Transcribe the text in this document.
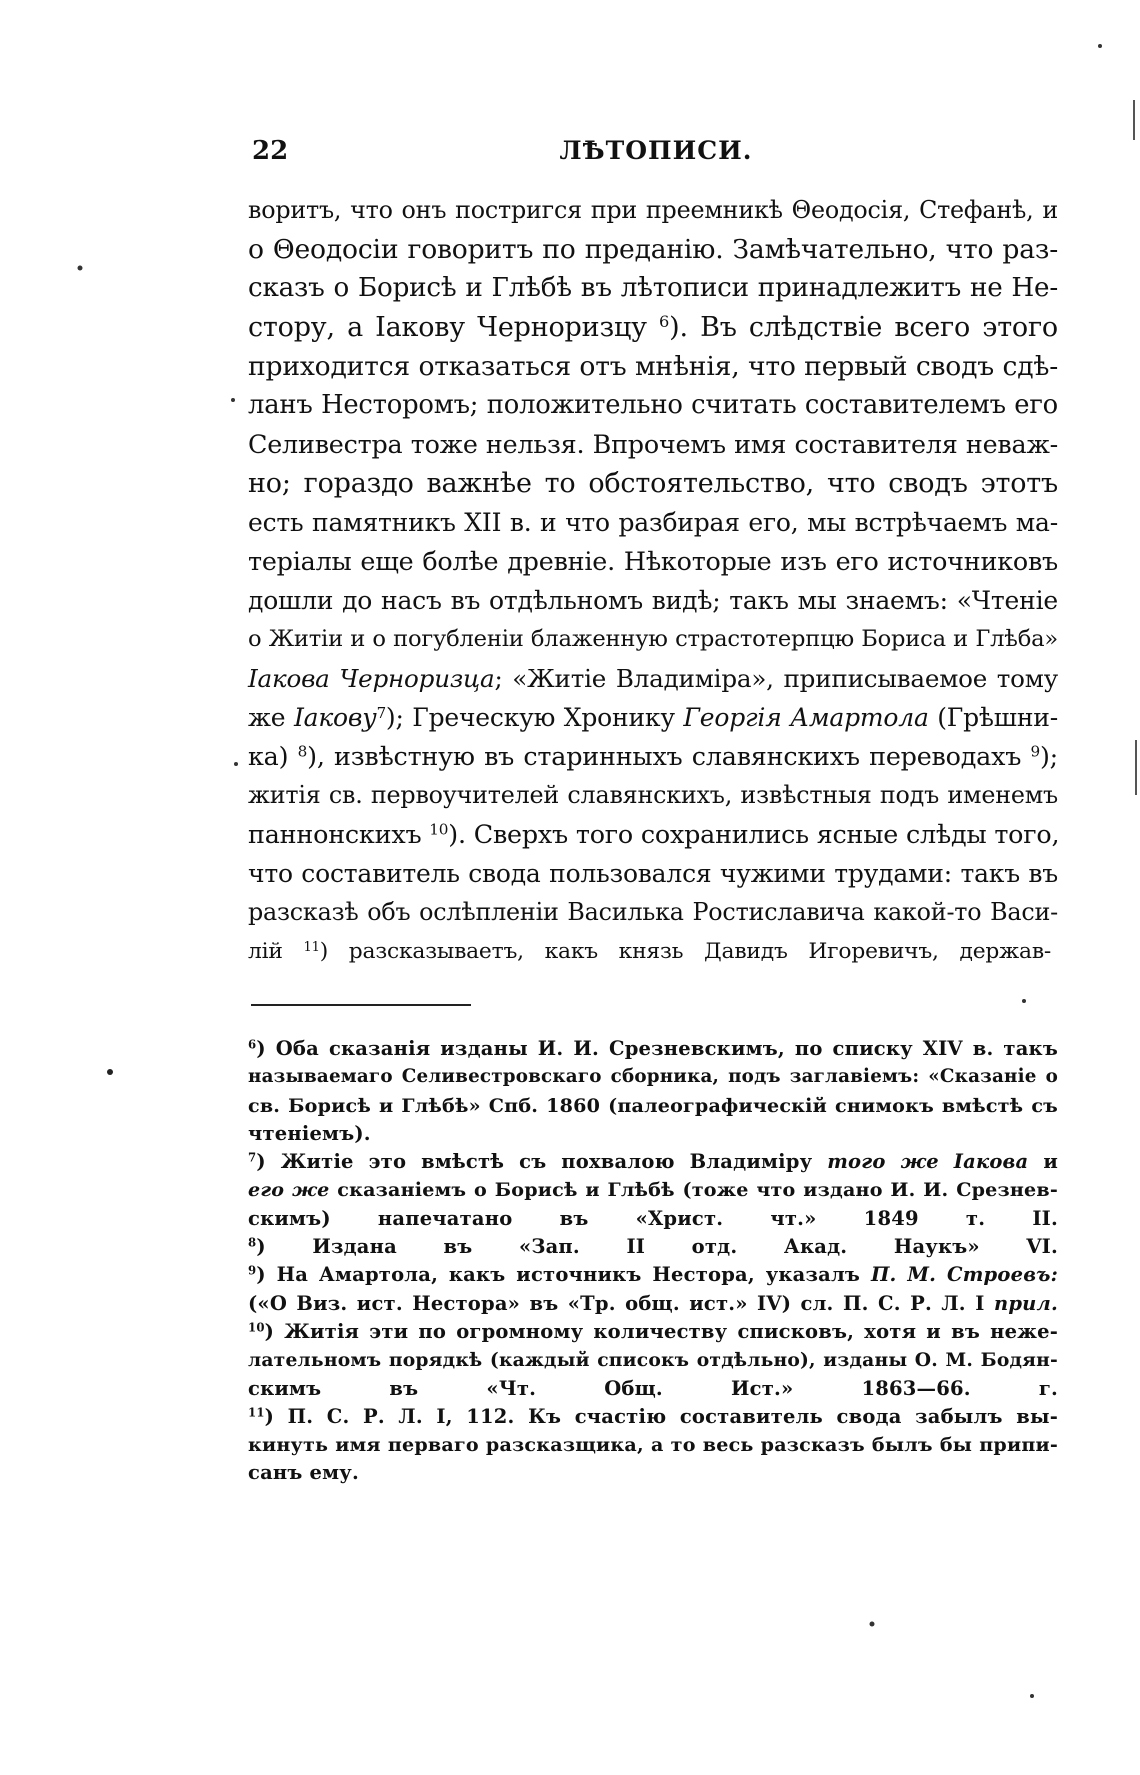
22	ЛѢТОПИСИ.
воритъ, что онъ постригся при преемникѣ Θеодосія, Стефанѣ, и
о Θеодосіи говоритъ по преданію. Замѣчательно, что раз-
сказъ о Борисѣ и Глѣбѣ въ лѣтописи принадлежитъ не Не-
стору, а Іакову Черноризцу $^6$). Въ слѣдствіе всего этого
приходится отказаться отъ мнѣнія, что первый сводъ сдѣ-
ланъ Несторомъ; положительно считать составителемъ его
Селивестра тоже нельзя. Впрочемъ имя составителя неваж-
но; гораздо важнѣе то обстоятельство, что сводъ этотъ
есть памятникъ XII в. и что разбирая его, мы встрѣчаемъ ма-
теріалы еще болѣе древніе. Нѣкоторые изъ его источниковъ
дошли до насъ въ отдѣльномъ видѣ; такъ мы знаемъ: «Чтеніе
о Житіи и о погубленіи блаженную страстотерпцю Бориса и Глѣба»
Іакова Черноризца; «Житіе Владиміра», приписываемое тому
же Іакову$^7$); Греческую Хронику Георгія Амартола (Грѣшни-
ка) $^8$), извѣстную въ старинныхъ славянскихъ переводахъ $^9$);
житія св. первоучителей славянскихъ, извѣстныя подъ именемъ
паннонскихъ $^{10}$). Сверхъ того сохранились ясные слѣды того,
что составитель свода пользовался чужими трудами: такъ въ
разсказѣ объ ослѣпленіи Василька Ростиславича какой-то Васи-
лій $^{11}$) разсказываетъ, какъ князь Давидъ Игоревичъ, держав-
$^6$) Оба сказанія изданы И. И. Срезневскимъ, по списку XIV в. такъ
называемаго Селивестровскаго сборника, подъ заглавіемъ: «Сказаніе о
св. Борисѣ и Глѣбѣ» Спб. 1860 (палеографическій снимокъ вмѣстѣ съ
чтеніемъ).
$^7$) Житіе это вмѣстѣ съ похвалою Владиміру того же Іакова и
его же сказаніемъ о Борисѣ и Глѣбѣ (тоже что издано И. И. Срезнев-
скимъ) напечатано въ «Христ. чт.» 1849 т. II.
$^8$) Издана въ «Зап. II отд. Акад. Наукъ» VI.
$^9$) На Амартола, какъ источникъ Нестора, указалъ П. М. Строевъ:
(«О Виз. ист. Нестора» въ «Тр. общ. ист.» IV) сл. П. С. Р. Л. I прил.
$^{10}$) Житія эти по огромному количеству списковъ, хотя и въ неже-
лательномъ порядкѣ (каждый списокъ отдѣльно), изданы О. М. Бодян-
скимъ въ «Чт. Общ. Ист.» 1863—66. г.
$^{11}$) П. С. Р. Л. I, 112. Къ счастію составитель свода забылъ вы-
кинуть имя перваго разсказщика, а то весь разсказъ былъ бы припи-
санъ ему.
